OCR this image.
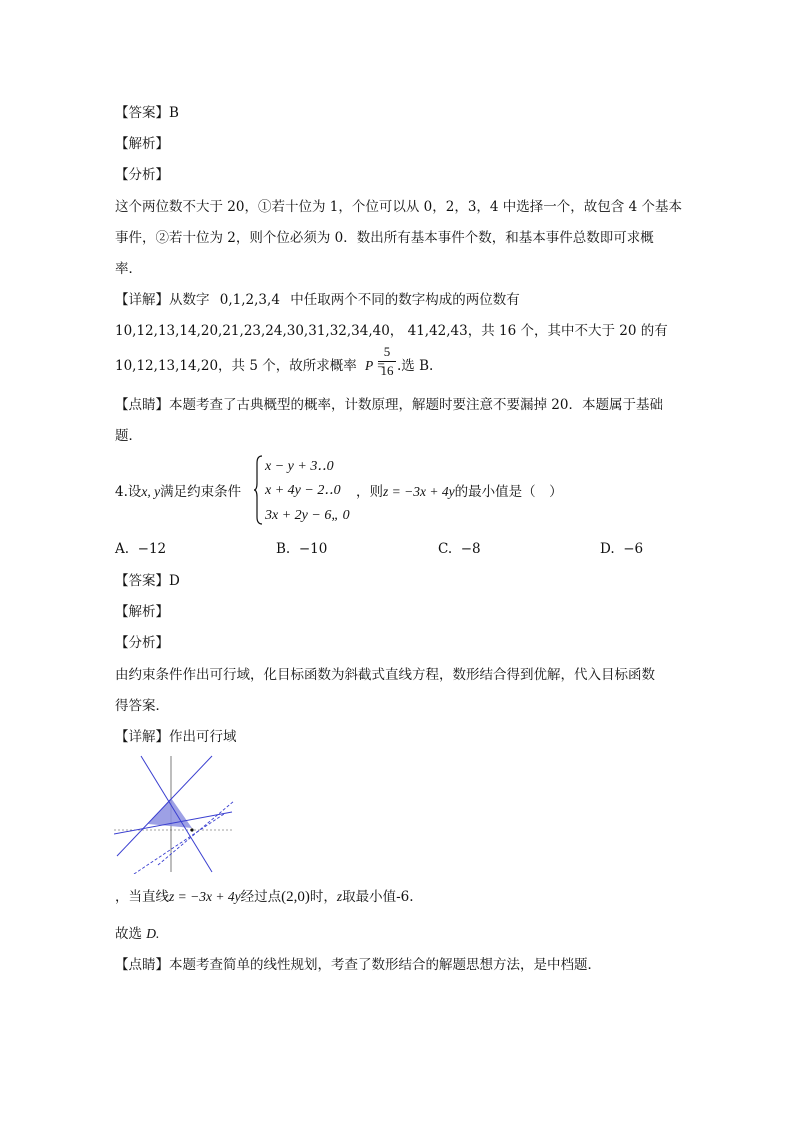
【答案】B
【解析】
【分析】
这个两位数不大于 20，①若十位为 1，个位可以从 0，2，3，4 中选择一个，故包含 4 个基本
事件，②若十位为 2，则个位必须为 0．数出所有基本事件个数，和基本事件总数即可求概
率．
【详解】从数字 0,1,2,3,4 中任取两个不同的数字构成的两位数有
10,12,13,14,20,21,23,24,30,31,32,34,40， 41,42,43，共 16 个，其中不大于 20 的有
10,12,13,14,20，共 5 个，故所求概率 P =
5
16 .选 B.
【点睛】本题考查了古典概型的概率，计数原理，解题时要注意不要漏掉 20．本题属于基础
题．
4.设x, y满足约束条件
x − y + 3‥0
x + 4y − 2‥0
3x + 2y − 6„ 0
，则z = −3x + 4y的最小值是（　）
A. −12	B. −10	C. −8	D. −6
【答案】D
【解析】
【分析】
由约束条件作出可行域，化目标函数为斜截式直线方程，数形结合得到优解，代入目标函数
得答案．
【详解】作出可行域
，当直线z = −3x + 4y经过点(2,0)时，z取最小值-6.
故选 D.
【点睛】本题考查简单的线性规划，考查了数形结合的解题思想方法，是中档题．
